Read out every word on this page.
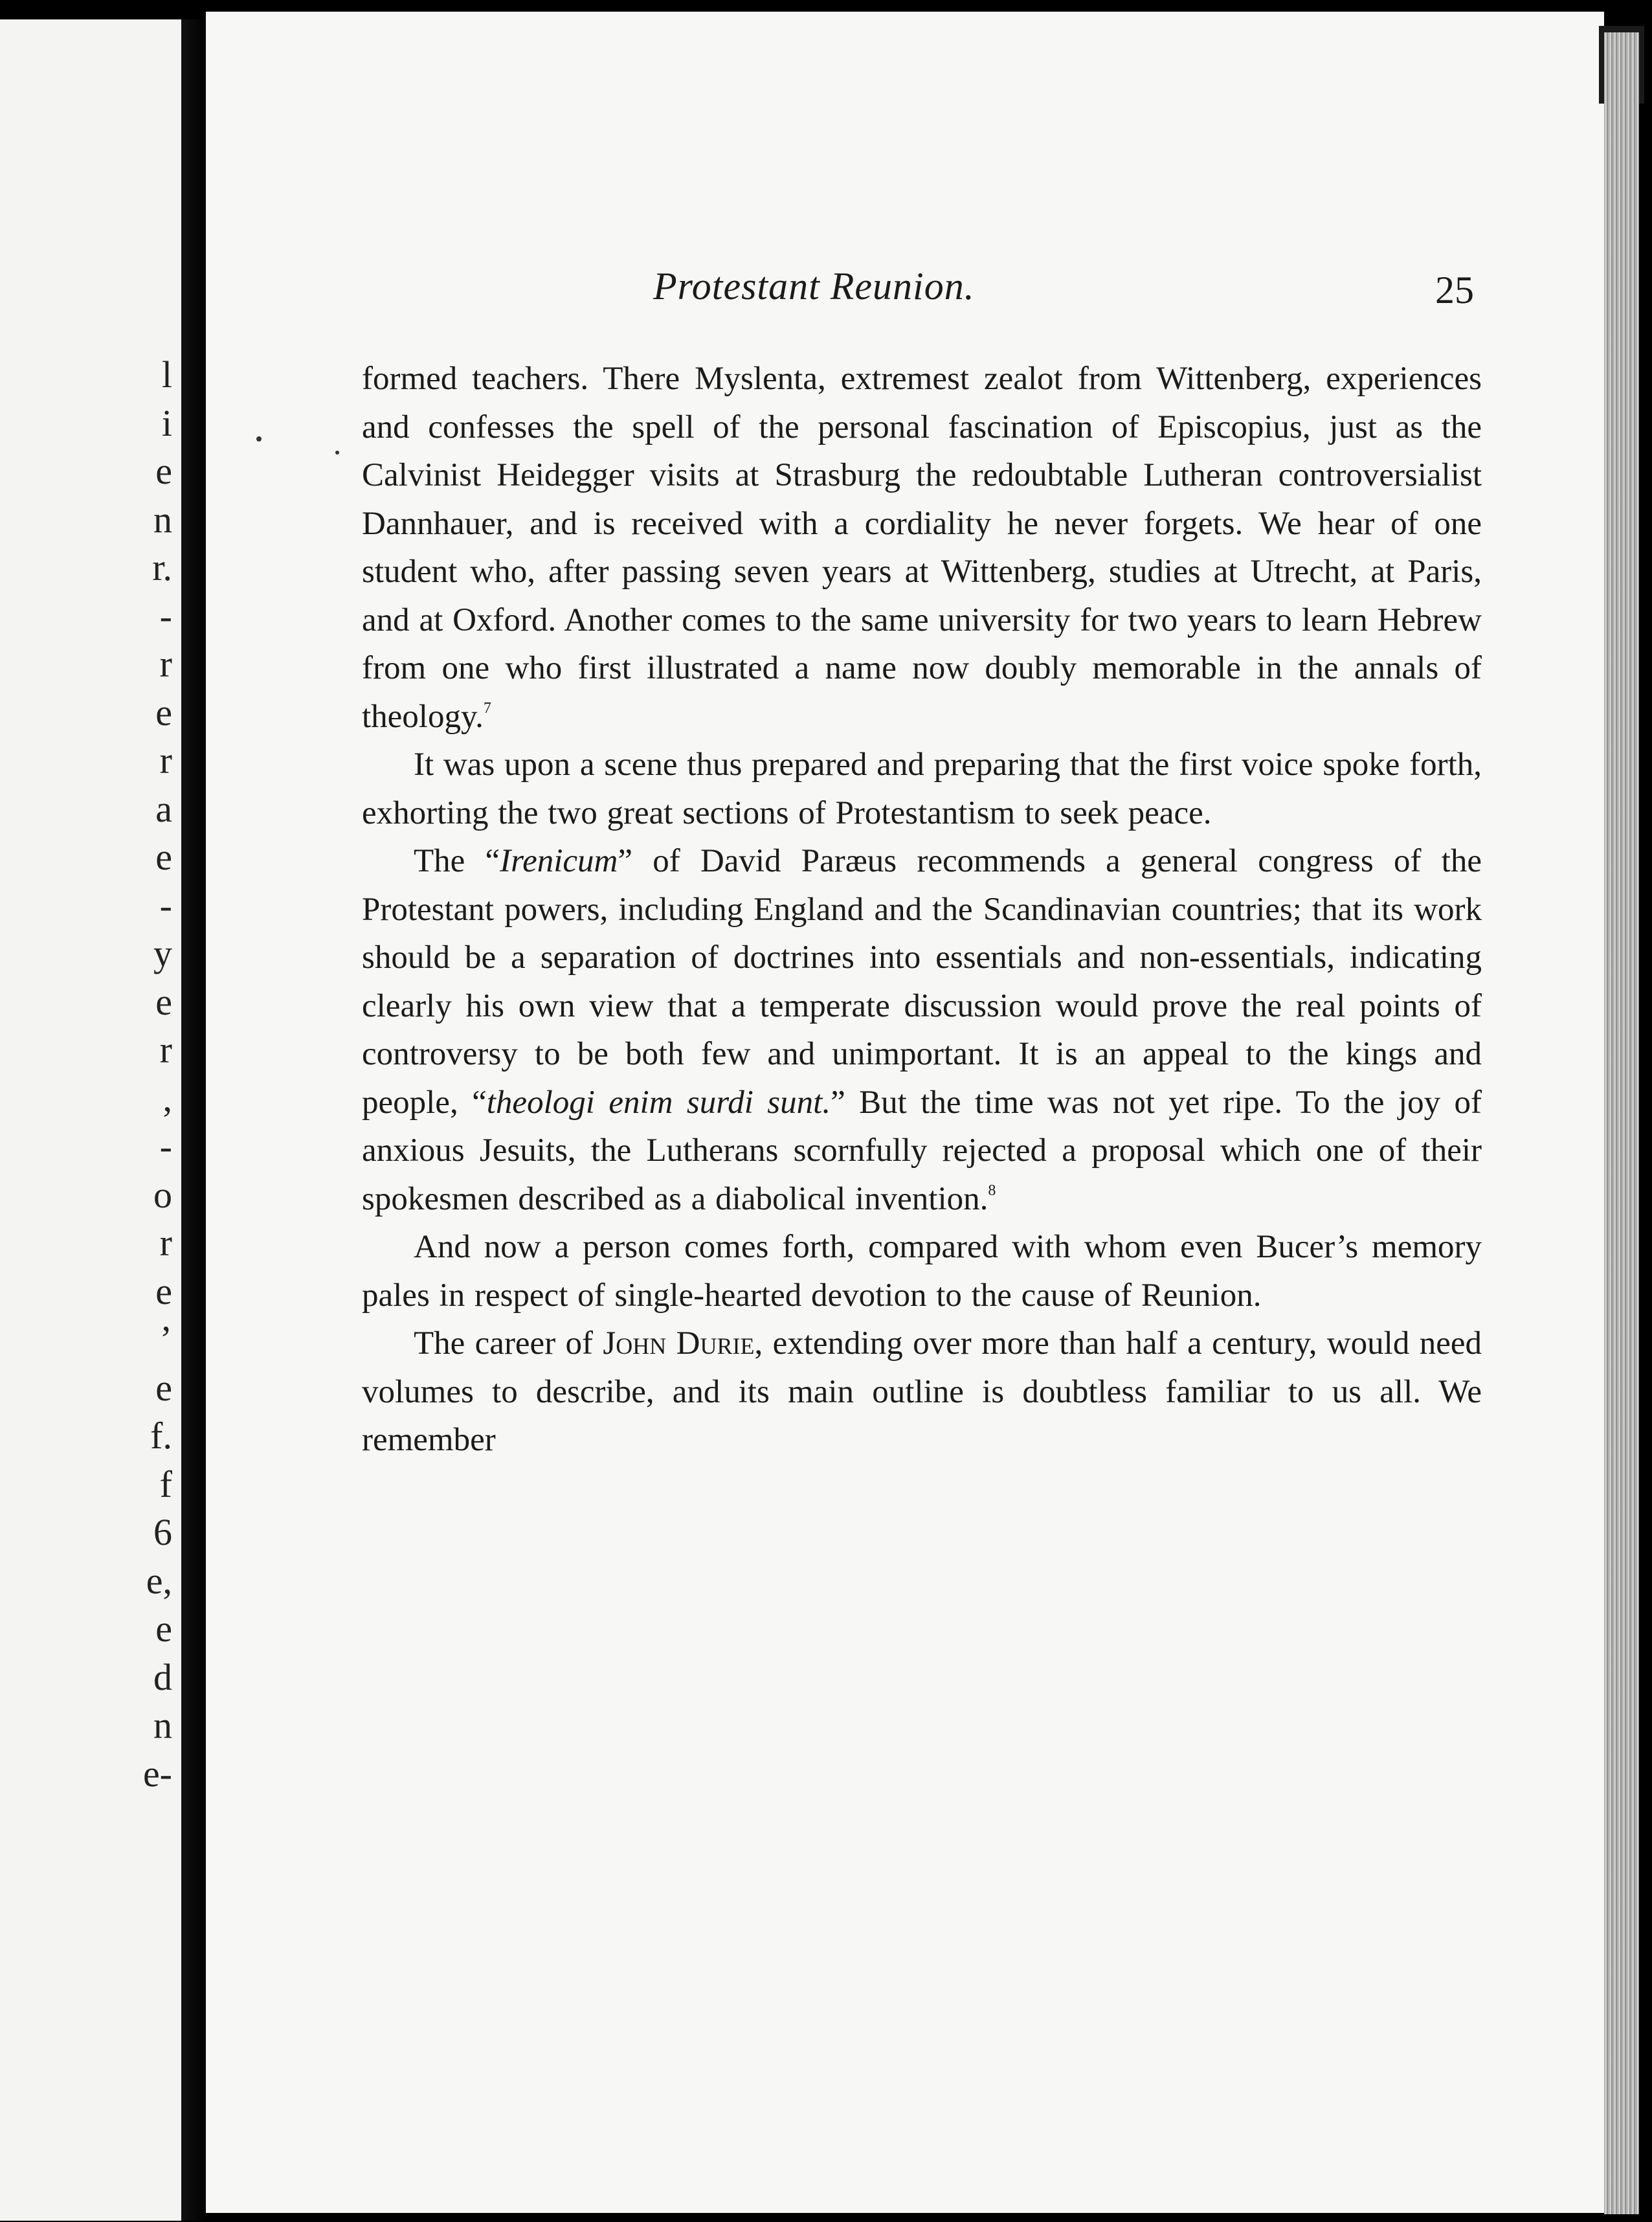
l
i
e
n
r.
-
r
e
r
a
e
-
y
e
r
,
-
o
r
e
’
e
f.
f
6
e,
e
d
n
e-
Protestant Reunion.	25

formed teachers. There Myslenta, extremest zealot from Wittenberg, experiences and confesses the spell of the personal fascination of Episcopius, just as the Calvinist Heidegger visits at Strasburg the redoubtable Lutheran controversialist Dannhauer, and is received with a cordiality he never forgets. We hear of one student who, after passing seven years at Wittenberg, studies at Utrecht, at Paris, and at Oxford. Another comes to the same university for two years to learn Hebrew from one who first illustrated a name now doubly memorable in the annals of theology.$^7$

It was upon a scene thus prepared and preparing that the first voice spoke forth, exhorting the two great sections of Protestantism to seek peace.

The “Irenicum” of David Paræus recommends a general congress of the Protestant powers, including England and the Scandinavian countries; that its work should be a separation of doctrines into essentials and non-essentials, indicating clearly his own view that a temperate discussion would prove the real points of controversy to be both few and unimportant. It is an appeal to the kings and people, “theologi enim surdi sunt.” But the time was not yet ripe. To the joy of anxious Jesuits, the Lutherans scornfully rejected a proposal which one of their spokesmen described as a diabolical invention.$^8$

And now a person comes forth, compared with whom even Bucer’s memory pales in respect of single-hearted devotion to the cause of Reunion.

The career of John Durie, extending over more than half a century, would need volumes to describe, and its main outline is doubtless familiar to us all. We remember
